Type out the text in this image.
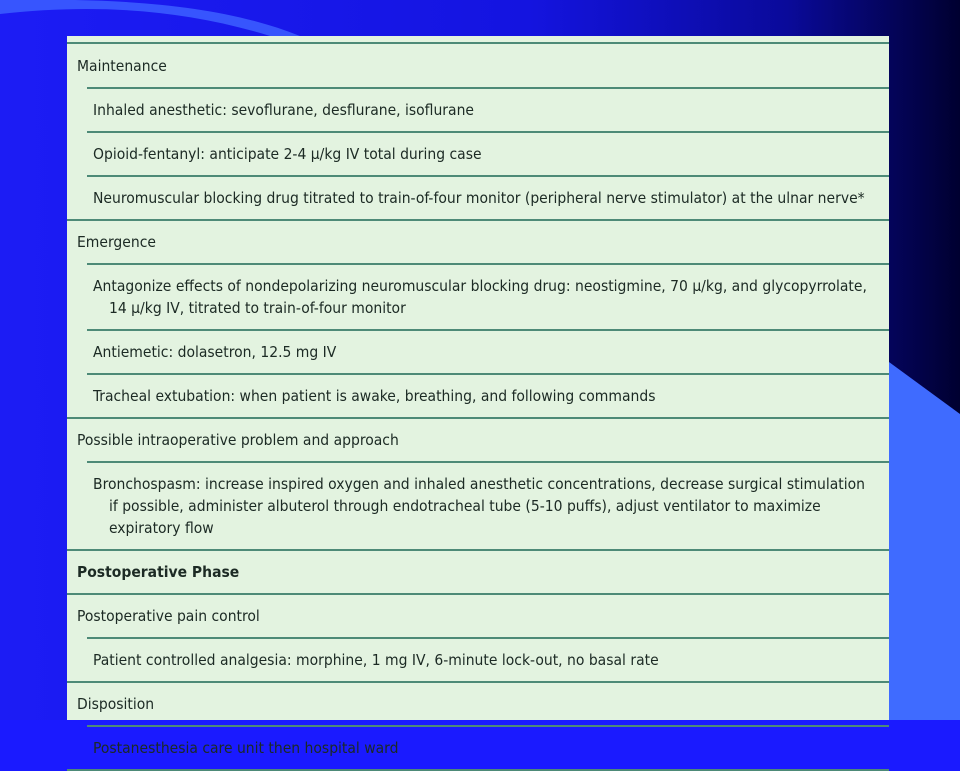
Maintenance
Inhaled anesthetic: sevoflurane, desflurane, isoflurane
Opioid-fentanyl: anticipate 2-4 µ/kg IV total during case
Neuromuscular blocking drug titrated to train-of-four monitor (peripheral nerve stimulator) at the ulnar nerve*
Emergence
Antagonize effects of nondepolarizing neuromuscular blocking drug: neostigmine, 70 µ/kg, and glycopyrrolate,
14 µ/kg IV, titrated to train-of-four monitor
Antiemetic: dolasetron, 12.5 mg IV
Tracheal extubation: when patient is awake, breathing, and following commands
Possible intraoperative problem and approach
Bronchospasm: increase inspired oxygen and inhaled anesthetic concentrations, decrease surgical stimulation
if possible, administer albuterol through endotracheal tube (5-10 puffs), adjust ventilator to maximize
expiratory flow
Postoperative Phase
Postoperative pain control
Patient controlled analgesia: morphine, 1 mg IV, 6-minute lock-out, no basal rate
Disposition
Postanesthesia care unit then hospital ward
